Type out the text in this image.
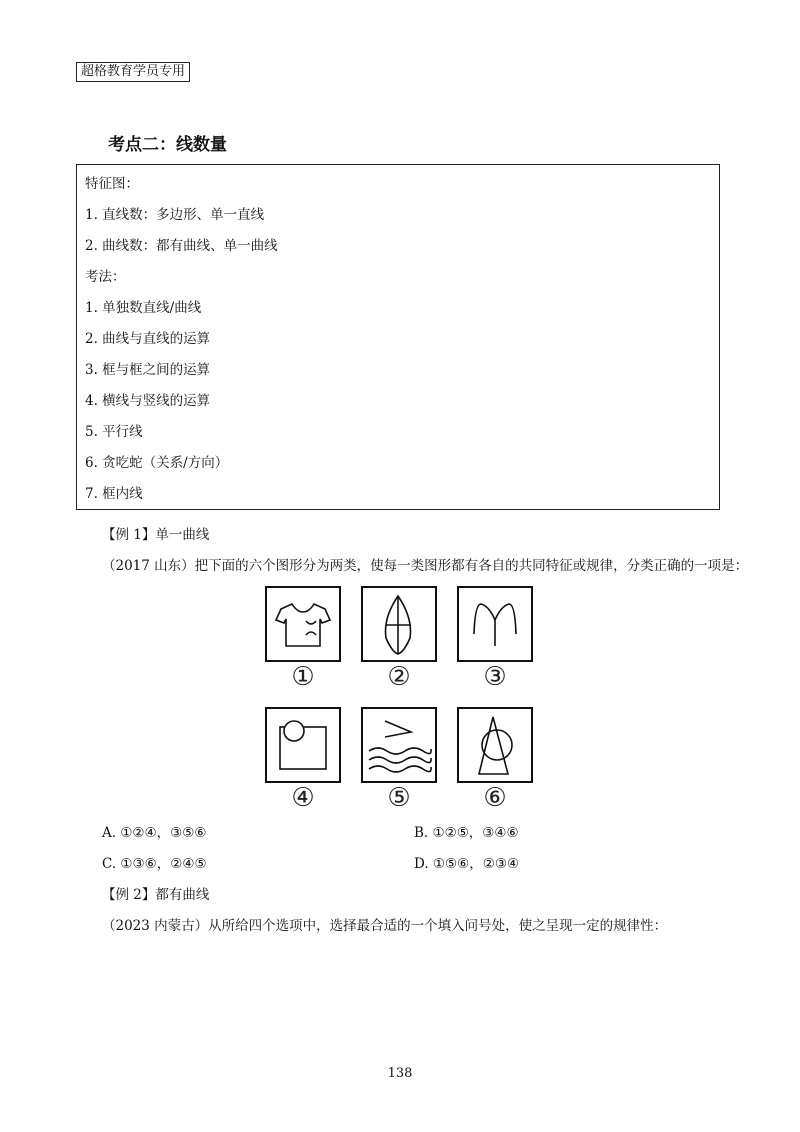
超格教育学员专用
考点二：线数量
特征图：
1. 直线数：多边形、单一直线
2. 曲线数：都有曲线、单一曲线
考法：
1. 单独数直线/曲线
2. 曲线与直线的运算
3. 框与框之间的运算
4. 横线与竖线的运算
5. 平行线
6. 贪吃蛇（关系/方向）
7. 框内线
【例 1】单一曲线
（2017 山东）把下面的六个图形分为两类，使每一类图形都有各自的共同特征或规律，分类正确的一项是：
①	②	③
④	⑤	⑥
A. ①②④，③⑤⑥	B. ①②⑤，③④⑥
C. ①③⑥，②④⑤	D. ①⑤⑥，②③④
【例 2】都有曲线
（2023 内蒙古）从所给四个选项中，选择最合适的一个填入问号处，使之呈现一定的规律性：
138
